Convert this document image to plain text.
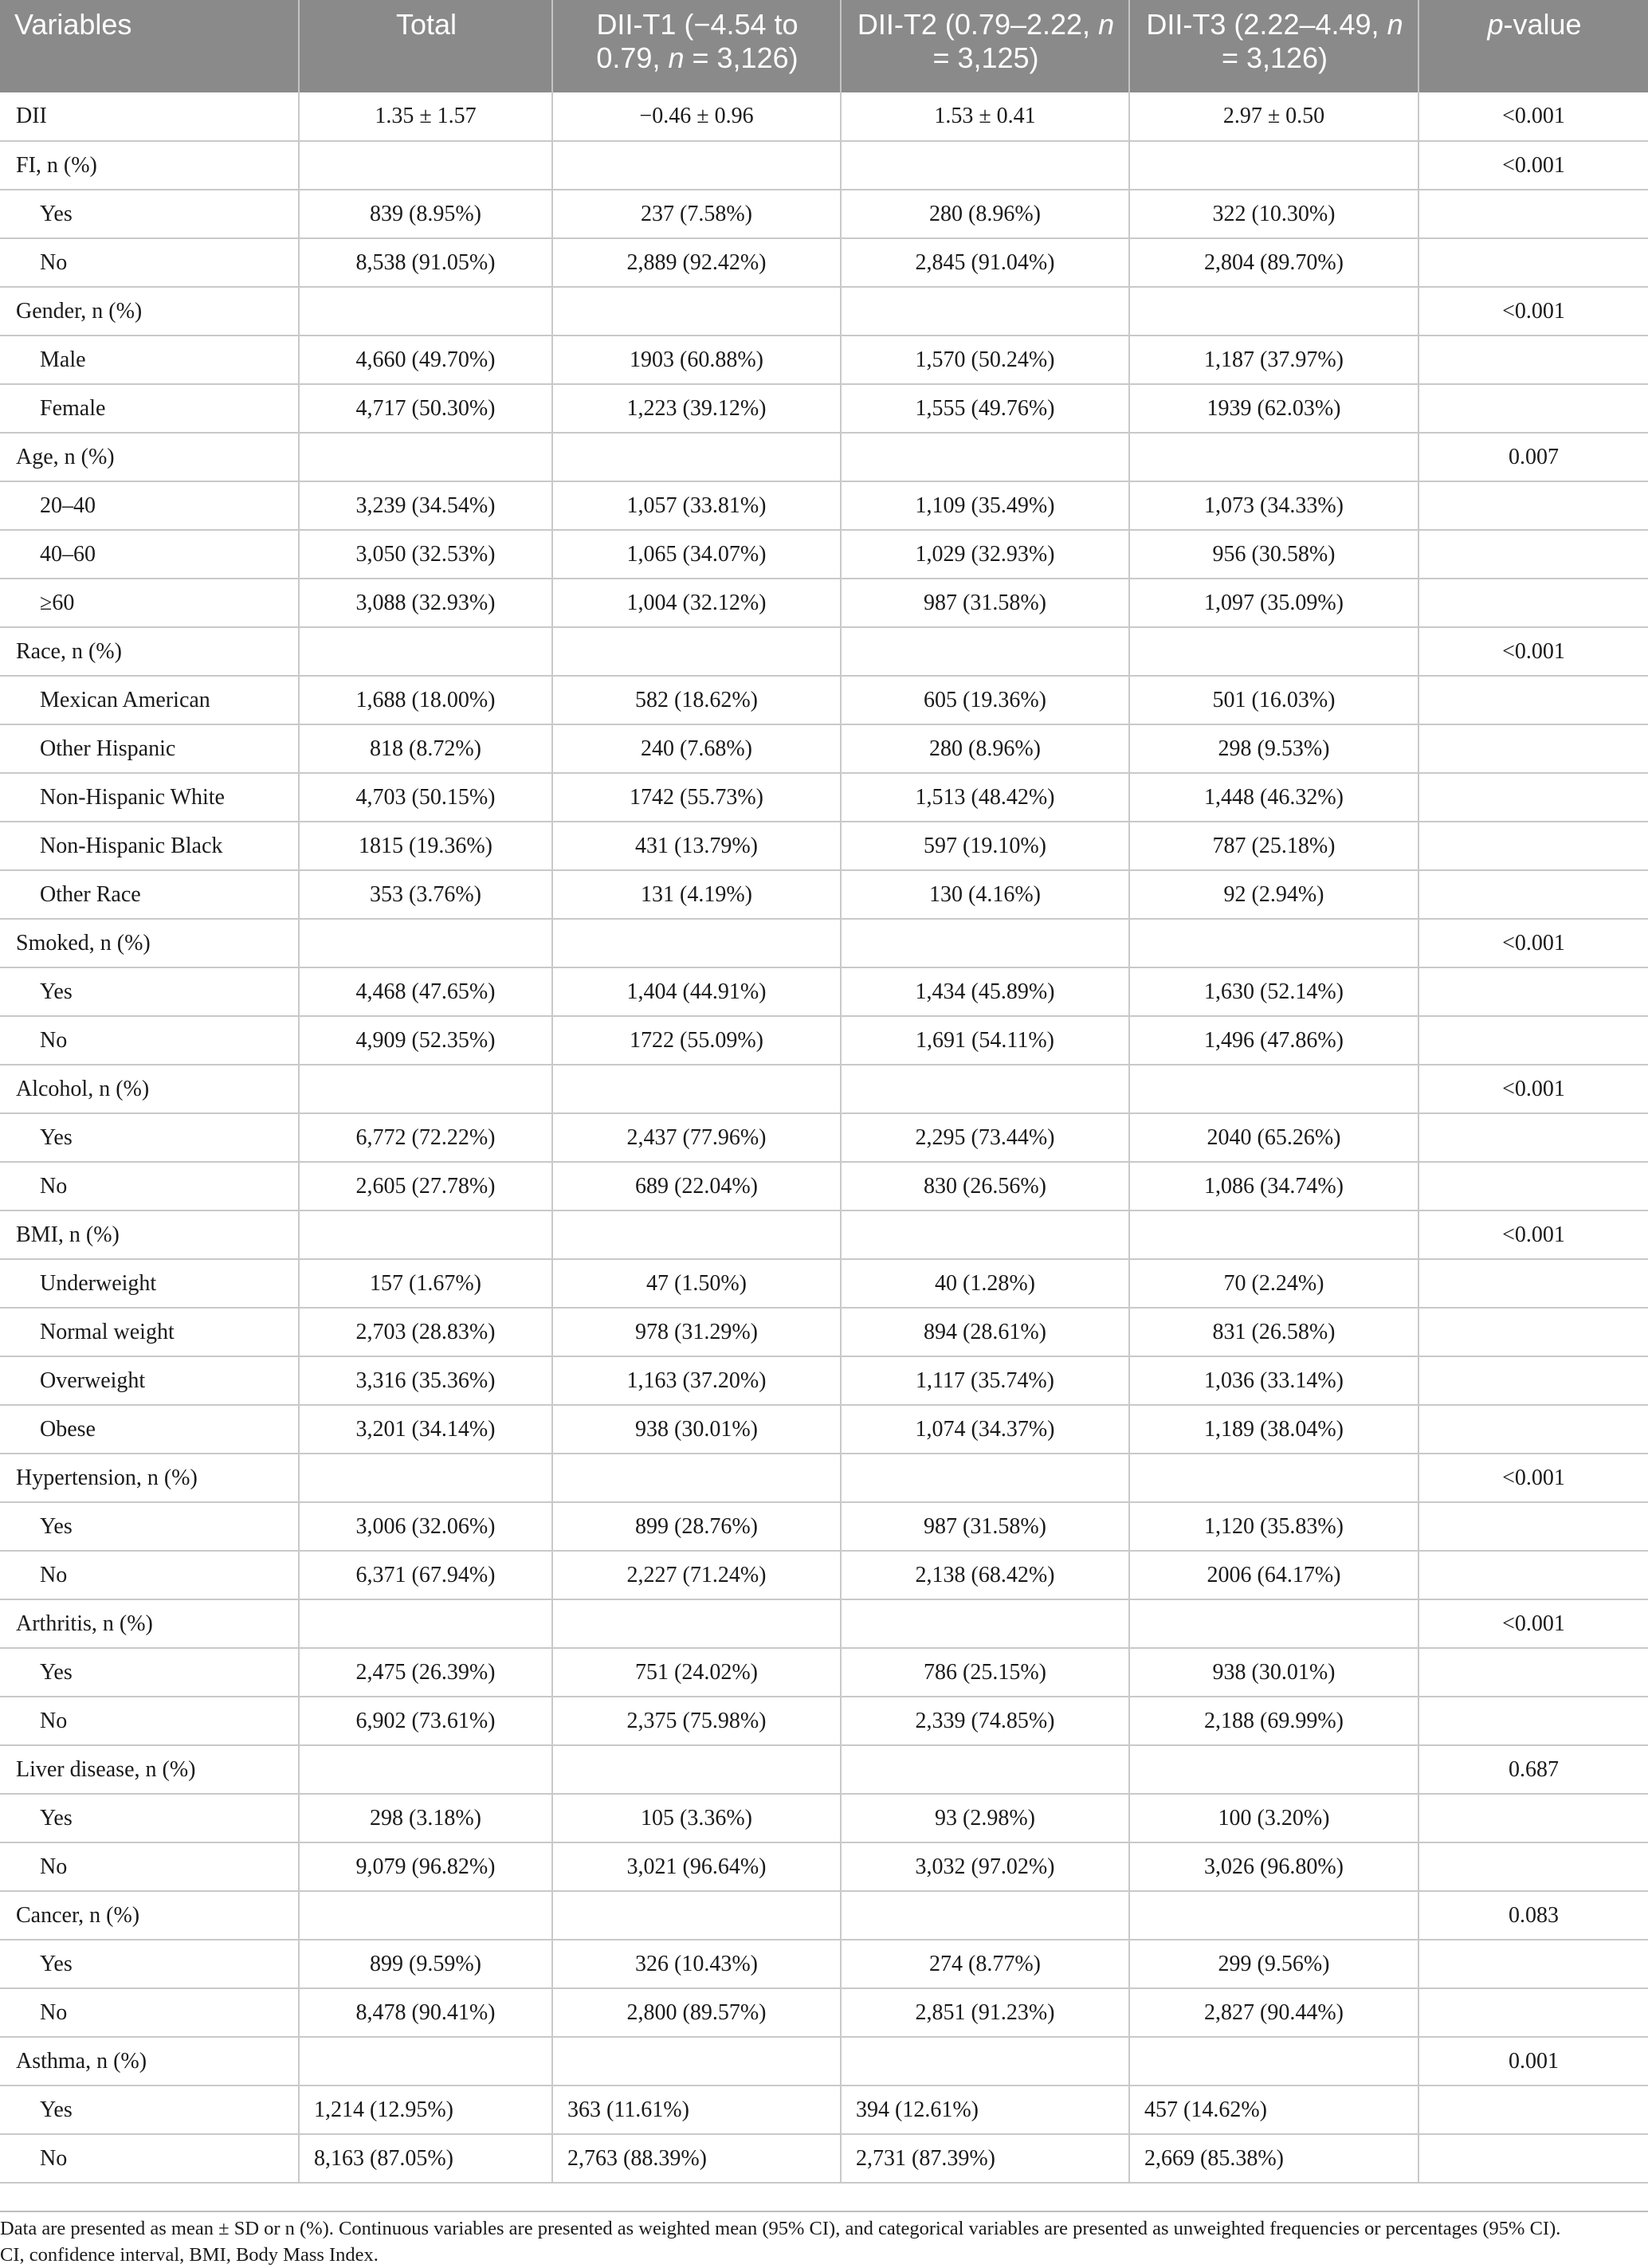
Variables	Total	DII-T1 (−4.54 to 0.79, n = 3,126)	DII-T2 (0.79–2.22, n = 3,125)	DII-T3 (2.22–4.49, n = 3,126)	p-value
DII	1.35 ± 1.57	−0.46 ± 0.96	1.53 ± 0.41	2.97 ± 0.50	<0.001
FI, n (%)					<0.001
Yes	839 (8.95%)	237 (7.58%)	280 (8.96%)	322 (10.30%)	
No	8,538 (91.05%)	2,889 (92.42%)	2,845 (91.04%)	2,804 (89.70%)	
Gender, n (%)					<0.001
Male	4,660 (49.70%)	1903 (60.88%)	1,570 (50.24%)	1,187 (37.97%)	
Female	4,717 (50.30%)	1,223 (39.12%)	1,555 (49.76%)	1939 (62.03%)	
Age, n (%)					0.007
20–40	3,239 (34.54%)	1,057 (33.81%)	1,109 (35.49%)	1,073 (34.33%)	
40–60	3,050 (32.53%)	1,065 (34.07%)	1,029 (32.93%)	956 (30.58%)	
≥60	3,088 (32.93%)	1,004 (32.12%)	987 (31.58%)	1,097 (35.09%)	
Race, n (%)					<0.001
Mexican American	1,688 (18.00%)	582 (18.62%)	605 (19.36%)	501 (16.03%)	
Other Hispanic	818 (8.72%)	240 (7.68%)	280 (8.96%)	298 (9.53%)	
Non-Hispanic White	4,703 (50.15%)	1742 (55.73%)	1,513 (48.42%)	1,448 (46.32%)	
Non-Hispanic Black	1815 (19.36%)	431 (13.79%)	597 (19.10%)	787 (25.18%)	
Other Race	353 (3.76%)	131 (4.19%)	130 (4.16%)	92 (2.94%)	
Smoked, n (%)					<0.001
Yes	4,468 (47.65%)	1,404 (44.91%)	1,434 (45.89%)	1,630 (52.14%)	
No	4,909 (52.35%)	1722 (55.09%)	1,691 (54.11%)	1,496 (47.86%)	
Alcohol, n (%)					<0.001
Yes	6,772 (72.22%)	2,437 (77.96%)	2,295 (73.44%)	2040 (65.26%)	
No	2,605 (27.78%)	689 (22.04%)	830 (26.56%)	1,086 (34.74%)	
BMI, n (%)					<0.001
Underweight	157 (1.67%)	47 (1.50%)	40 (1.28%)	70 (2.24%)	
Normal weight	2,703 (28.83%)	978 (31.29%)	894 (28.61%)	831 (26.58%)	
Overweight	3,316 (35.36%)	1,163 (37.20%)	1,117 (35.74%)	1,036 (33.14%)	
Obese	3,201 (34.14%)	938 (30.01%)	1,074 (34.37%)	1,189 (38.04%)	
Hypertension, n (%)					<0.001
Yes	3,006 (32.06%)	899 (28.76%)	987 (31.58%)	1,120 (35.83%)	
No	6,371 (67.94%)	2,227 (71.24%)	2,138 (68.42%)	2006 (64.17%)	
Arthritis, n (%)					<0.001
Yes	2,475 (26.39%)	751 (24.02%)	786 (25.15%)	938 (30.01%)	
No	6,902 (73.61%)	2,375 (75.98%)	2,339 (74.85%)	2,188 (69.99%)	
Liver disease, n (%)					0.687
Yes	298 (3.18%)	105 (3.36%)	93 (2.98%)	100 (3.20%)	
No	9,079 (96.82%)	3,021 (96.64%)	3,032 (97.02%)	3,026 (96.80%)	
Cancer, n (%)					0.083
Yes	899 (9.59%)	326 (10.43%)	274 (8.77%)	299 (9.56%)	
No	8,478 (90.41%)	2,800 (89.57%)	2,851 (91.23%)	2,827 (90.44%)	
Asthma, n (%)					0.001
Yes	1,214 (12.95%)	363 (11.61%)	394 (12.61%)	457 (14.62%)	
No	8,163 (87.05%)	2,763 (88.39%)	2,731 (87.39%)	2,669 (85.38%)	

Data are presented as mean ± SD or n (%). Continuous variables are presented as weighted mean (95% CI), and categorical variables are presented as unweighted frequencies or percentages (95% CI).
CI, confidence interval, BMI, Body Mass Index.
